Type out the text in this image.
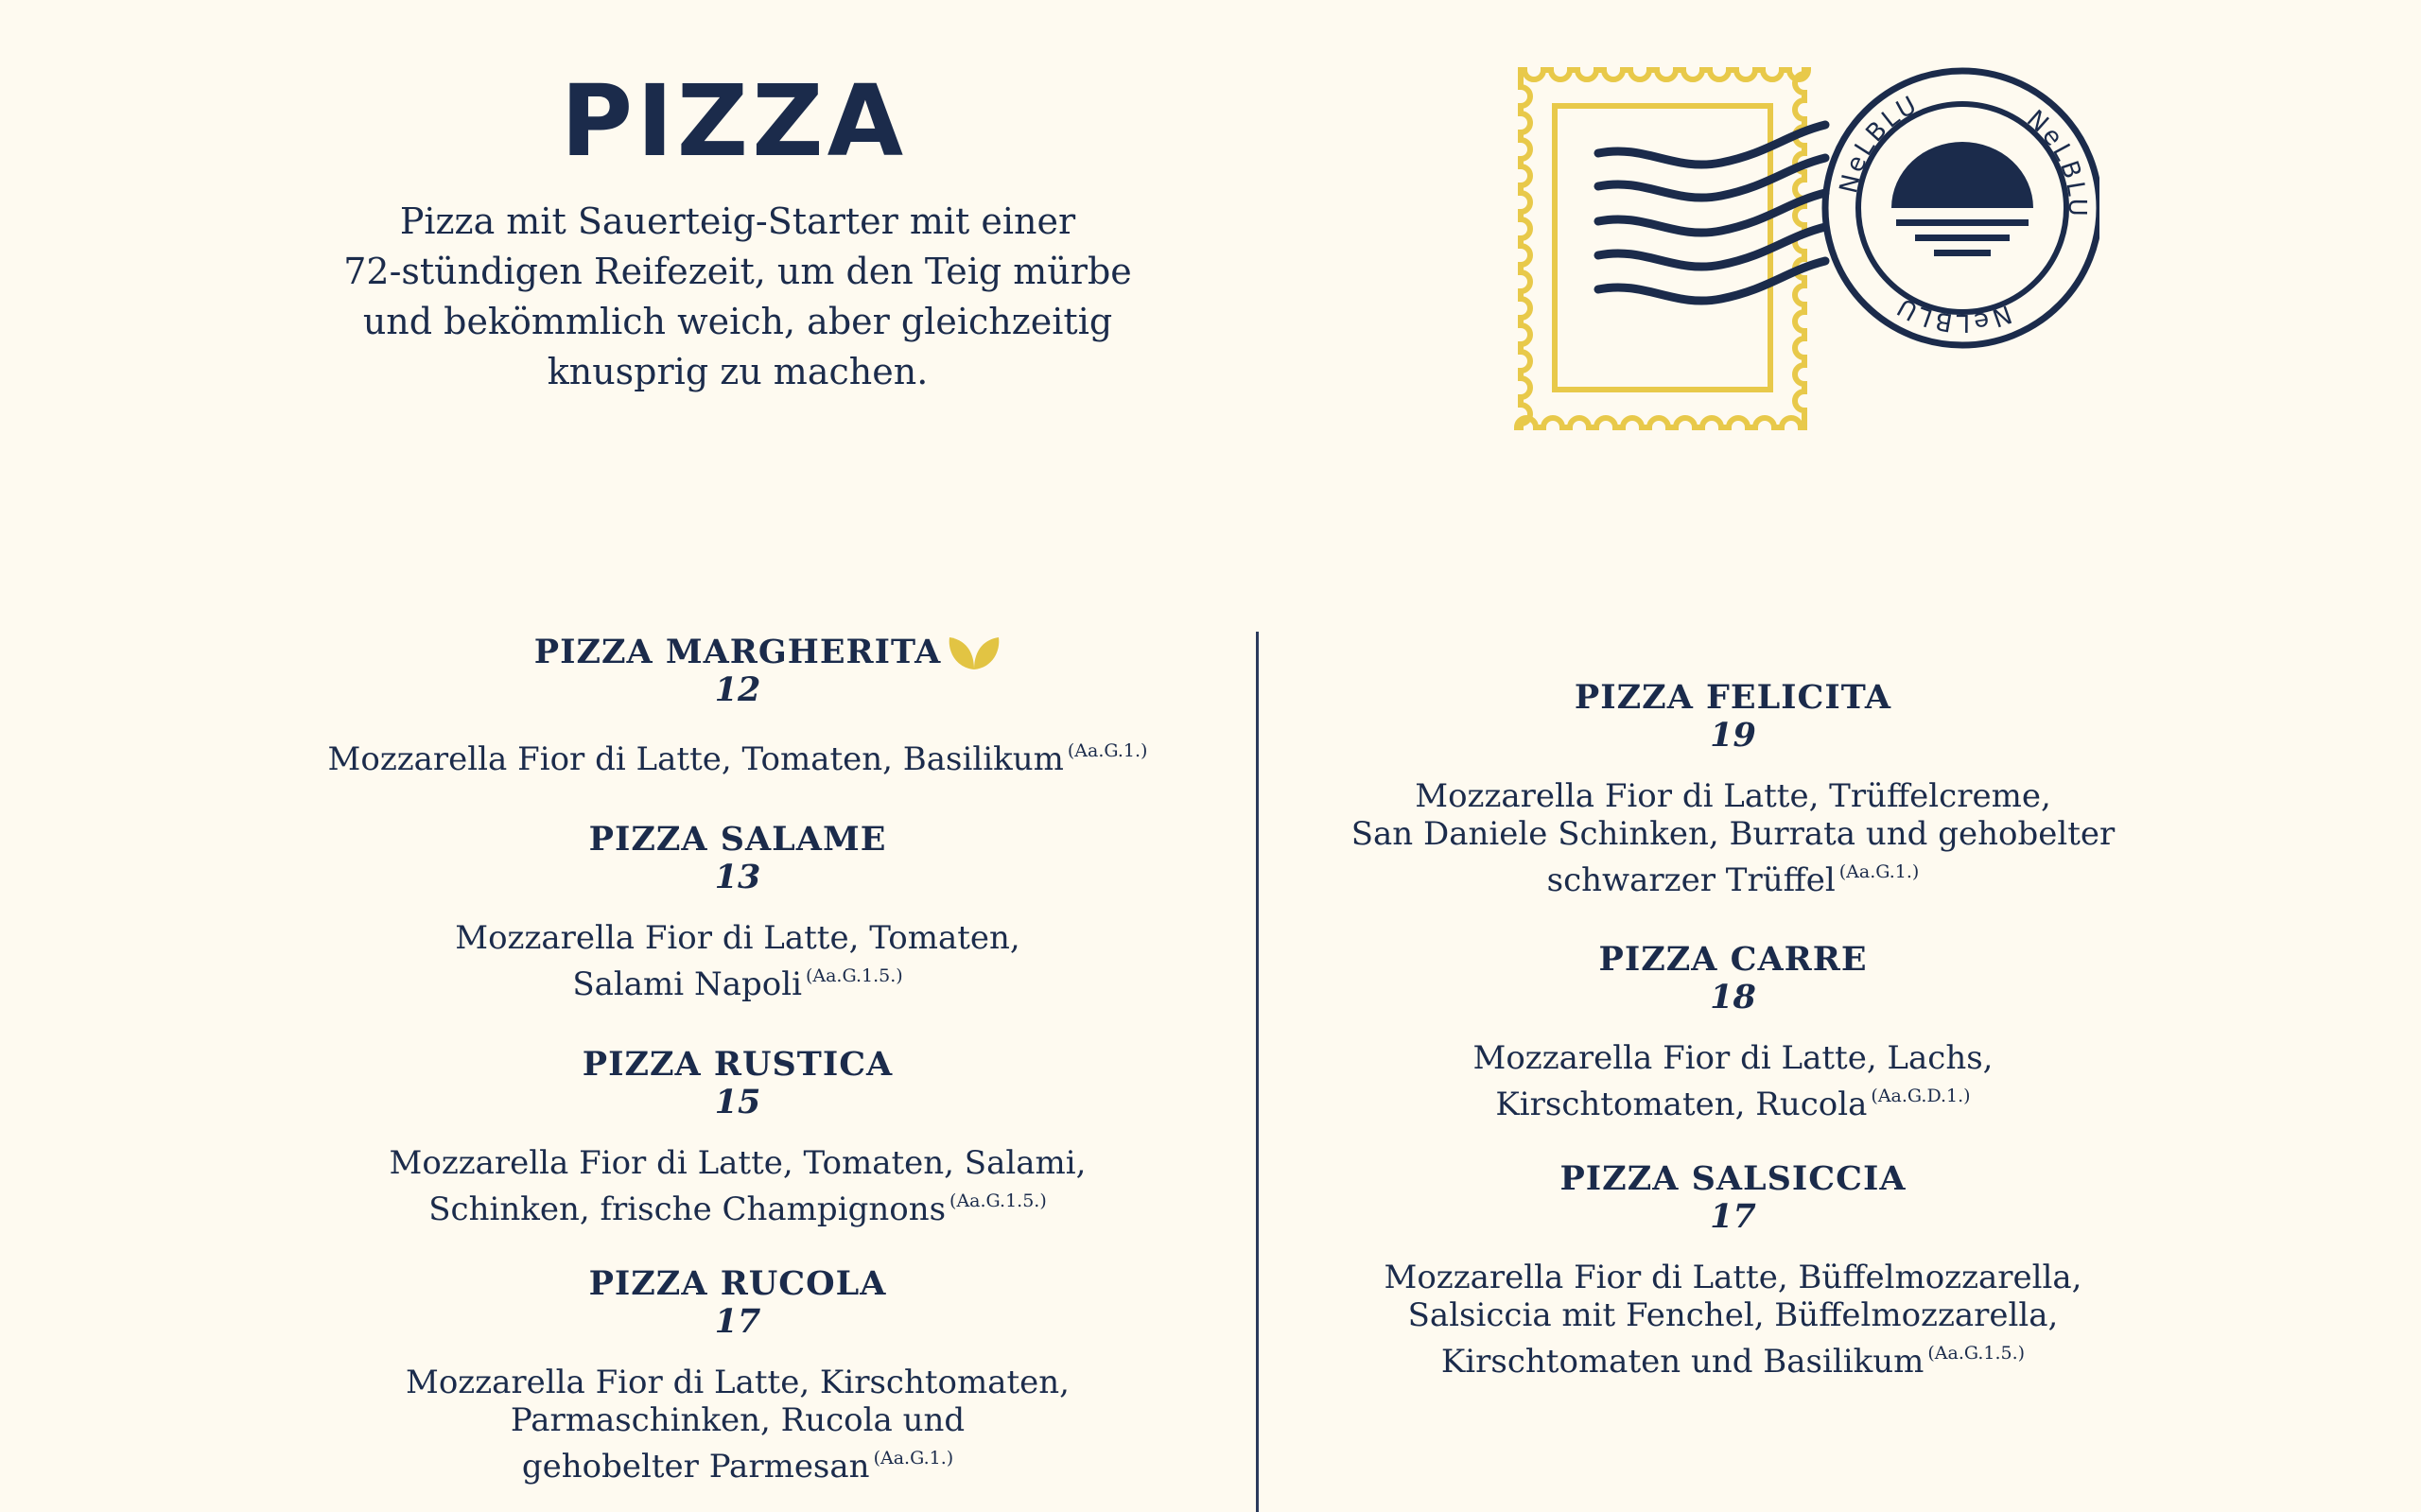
PIZZA
Pizza mit Sauerteig-Starter mit einer
72-stündigen Reifezeit, um den Teig mürbe
und bekömmlich weich, aber gleichzeitig
knusprig zu machen.
NeLBLU	NeLBLU
NeLBLU
PIZZA MARGHERITA
12
Mozzarella Fior di Latte, Tomaten, Basilikum $^{(Aa.G.1.)}$
PIZZA SALAME
13
Mozzarella Fior di Latte, Tomaten,
Salami Napoli $^{(Aa.G.1.5.)}$
PIZZA RUSTICA
15
Mozzarella Fior di Latte, Tomaten, Salami,
Schinken, frische Champignons $^{(Aa.G.1.5.)}$
PIZZA RUCOLA
17
Mozzarella Fior di Latte, Kirschtomaten,
Parmaschinken, Rucola und
gehobelter Parmesan $^{(Aa.G.1.)}$
PIZZA FELICITA
19
Mozzarella Fior di Latte, Trüffelcreme,
San Daniele Schinken, Burrata und gehobelter
schwarzer Trüffel $^{(Aa.G.1.)}$
PIZZA CARRE
18
Mozzarella Fior di Latte, Lachs,
Kirschtomaten, Rucola $^{(Aa.G.D.1.)}$
PIZZA SALSICCIA
17
Mozzarella Fior di Latte, Büffelmozzarella,
Salsiccia mit Fenchel, Büffelmozzarella,
Kirschtomaten und Basilikum $^{(Aa.G.1.5.)}$
